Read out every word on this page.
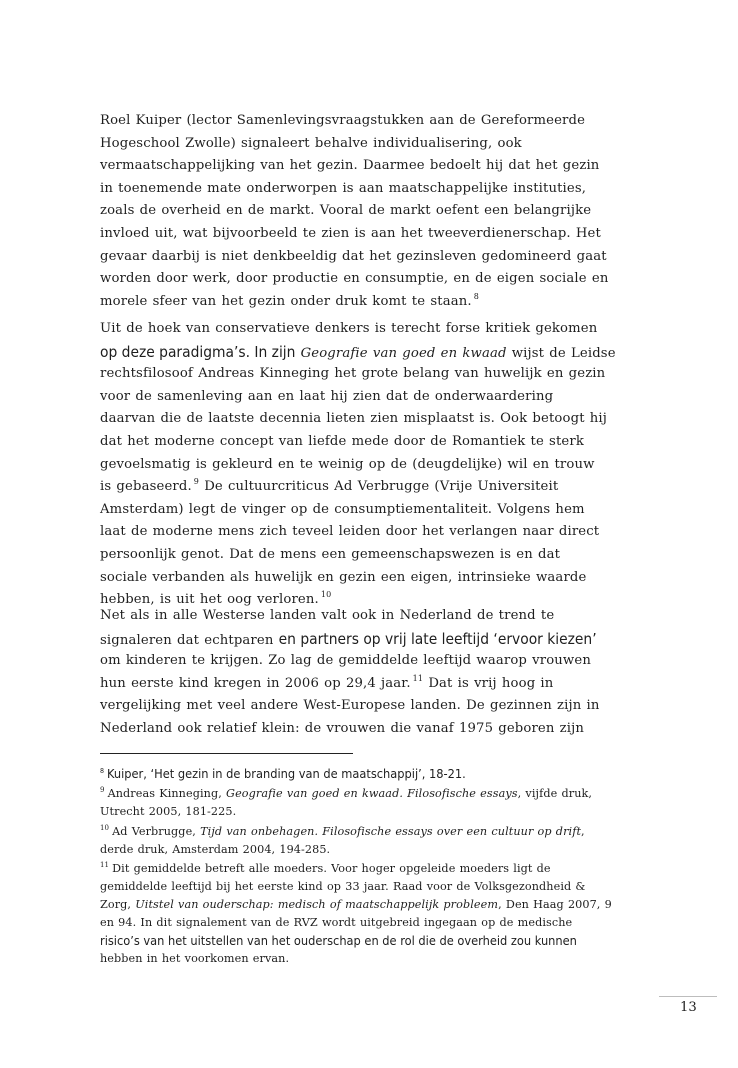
Roel Kuiper (lector Samenlevingsvraagstukken aan de Gereformeerde
Hogeschool Zwolle) signaleert behalve individualisering, ook
vermaatschappelijking van het gezin. Daarmee bedoelt hij dat het gezin
in toenemende mate onderworpen is aan maatschappelijke instituties,
zoals de overheid en de markt. Vooral de markt oefent een belangrijke
invloed uit, wat bijvoorbeeld te zien is aan het tweeverdienerschap. Het
gevaar daarbij is niet denkbeeldig dat het gezinsleven gedomineerd gaat
worden door werk, door productie en consumptie, en de eigen sociale en
morele sfeer van het gezin onder druk komt te staan. $^8$
Uit de hoek van conservatieve denkers is terecht forse kritiek gekomen
op deze paradigma’s. In zijn Geografie van goed en kwaad wijst de Leidse
rechtsfilosoof Andreas Kinneging het grote belang van huwelijk en gezin
voor de samenleving aan en laat hij zien dat de onderwaardering
daarvan die de laatste decennia lieten zien misplaatst is. Ook betoogt hij
dat het moderne concept van liefde mede door de Romantiek te sterk
gevoelsmatig is gekleurd en te weinig op de (deugdelijke) wil en trouw
is gebaseerd. $^9$ De cultuurcriticus Ad Verbrugge (Vrije Universiteit
Amsterdam) legt de vinger op de consumptiementaliteit. Volgens hem
laat de moderne mens zich teveel leiden door het verlangen naar direct
persoonlijk genot. Dat de mens een gemeenschapswezen is en dat
sociale verbanden als huwelijk en gezin een eigen, intrinsieke waarde
hebben, is uit het oog verloren. $^{10}$
Net als in alle Westerse landen valt ook in Nederland de trend te
signaleren dat echtparen en partners op vrij late leeftijd ‘ervoor kiezen’
om kinderen te krijgen. Zo lag de gemiddelde leeftijd waarop vrouwen
hun eerste kind kregen in 2006 op 29,4 jaar. $^{11}$ Dat is vrij hoog in
vergelijking met veel andere West-Europese landen. De gezinnen zijn in
Nederland ook relatief klein: de vrouwen die vanaf 1975 geboren zijn
$^8$ Kuiper, ‘Het gezin in de branding van de maatschappij’, 18-21.
$^9$ Andreas Kinneging, Geografie van goed en kwaad. Filosofische essays, vijfde druk,
Utrecht 2005, 181-225.
$^{10}$ Ad Verbrugge, Tijd van onbehagen. Filosofische essays over een cultuur op drift,
derde druk, Amsterdam 2004, 194-285.
$^{11}$ Dit gemiddelde betreft alle moeders. Voor hoger opgeleide moeders ligt de
gemiddelde leeftijd bij het eerste kind op 33 jaar. Raad voor de Volksgezondheid &
Zorg, Uitstel van ouderschap: medisch of maatschappelijk probleem, Den Haag 2007, 9
en 94. In dit signalement van de RVZ wordt uitgebreid ingegaan op de medische
risico’s van het uitstellen van het ouderschap en de rol die de overheid zou kunnen
hebben in het voorkomen ervan.
13
